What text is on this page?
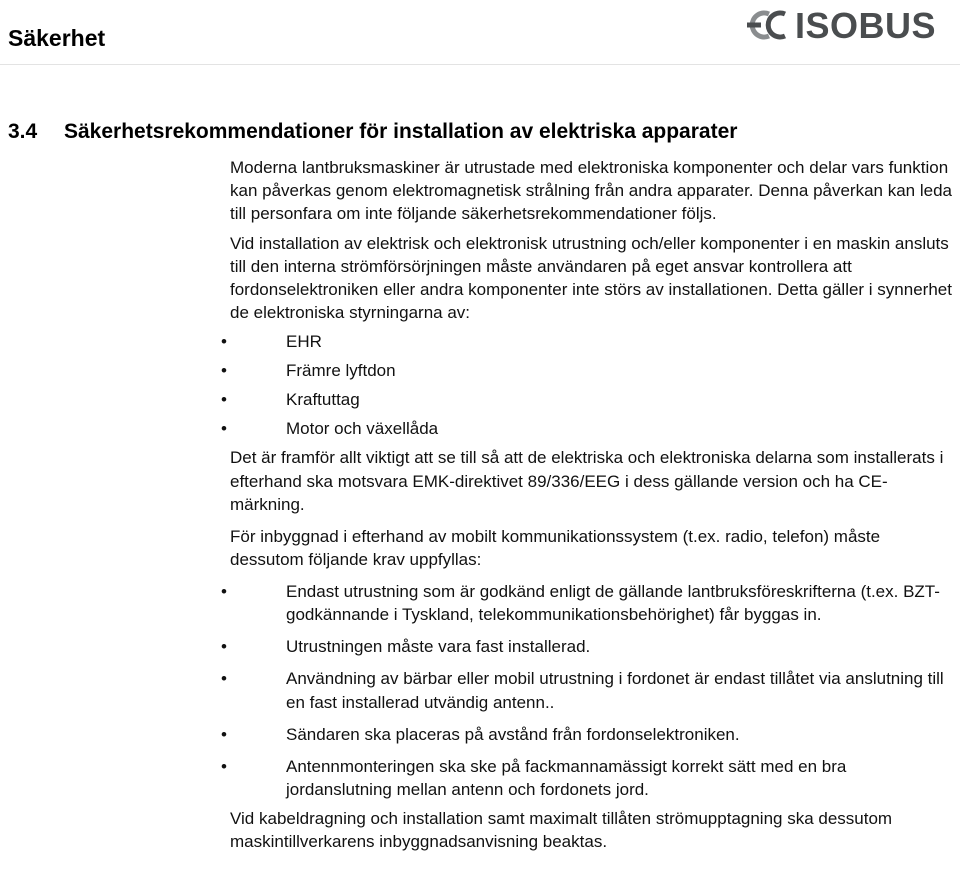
Säkerhet	ISOBUS
3.4 Säkerhetsrekommendationer för installation av elektriska apparater

Moderna lantbruksmaskiner är utrustade med elektroniska komponenter och delar vars funktion kan påverkas genom elektromagnetisk strålning från andra apparater. Denna påverkan kan leda till personfara om inte följande säkerhetsrekommendationer följs.

Vid installation av elektrisk och elektronisk utrustning och/eller komponenter i en maskin ansluts till den interna strömförsörjningen måste användaren på eget ansvar kontrollera att fordonselektroniken eller andra komponenter inte störs av installationen. Detta gäller i synnerhet de elektroniska styrningarna av:

•	EHR
•	Främre lyftdon
•	Kraftuttag
•	Motor och växellåda

Det är framför allt viktigt att se till så att de elektriska och elektroniska delarna som installerats i efterhand ska motsvara EMK-direktivet 89/336/EEG i dess gällande version och ha CE-märkning.

För inbyggnad i efterhand av mobilt kommunikationssystem (t.ex. radio, telefon) måste dessutom följande krav uppfyllas:

•	Endast utrustning som är godkänd enligt de gällande lantbruksföreskrifterna (t.ex. BZT-godkännande i Tyskland, telekommunikationsbehörighet) får byggas in.
•	Utrustningen måste vara fast installerad.
•	Användning av bärbar eller mobil utrustning i fordonet är endast tillåtet via anslutning till en fast installerad utvändig antenn..
•	Sändaren ska placeras på avstånd från fordonselektroniken.
•	Antennmonteringen ska ske på fackmannamässigt korrekt sätt med en bra jordanslutning mellan antenn och fordonets jord.

Vid kabeldragning och installation samt maximalt tillåten strömupptagning ska dessutom maskintillverkarens inbyggnadsanvisning beaktas.
